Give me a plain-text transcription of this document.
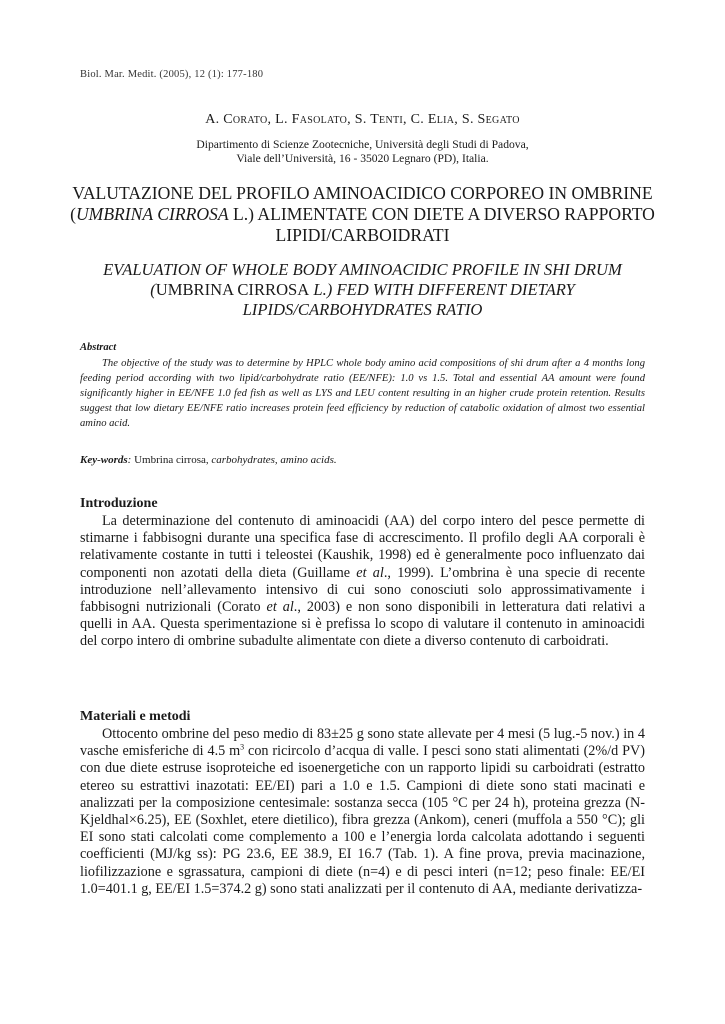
Biol. Mar. Medit. (2005), 12 (1): 177-180
A. Corato, L. Fasolato, S. Tenti, C. Elia, S. Segato
Dipartimento di Scienze Zootecniche, Università degli Studi di Padova,
Viale dell’Università, 16 - 35020 Legnaro (PD), Italia.
VALUTAZIONE DEL PROFILO AMINOACIDICO CORPOREO IN OMBRINE (UMBRINA CIRROSA L.) ALIMENTATE CON DIETE A DIVERSO RAPPORTO LIPIDI/CARBOIDRATI
EVALUATION OF WHOLE BODY AMINOACIDIC PROFILE IN SHI DRUM (UMBRINA CIRROSA L.) FED WITH DIFFERENT DIETARY LIPIDS/CARBOHYDRATES RATIO
Abstract
The objective of the study was to determine by HPLC whole body amino acid compositions of shi drum after a 4 months long feeding period according with two lipid/carbohydrate ratio (EE/NFE): 1.0 vs 1.5. Total and essential AA amount were found significantly higher in EE/NFE 1.0 fed fish as well as LYS and LEU content resulting in an higher crude protein retention. Results suggest that low dietary EE/NFE ratio increases protein feed efficiency by reduction of catabolic oxidation of almost two essential amino acid.
Key-words: Umbrina cirrosa, carbohydrates, amino acids.
Introduzione
La determinazione del contenuto di aminoacidi (AA) del corpo intero del pesce permette di stimarne i fabbisogni durante una specifica fase di accrescimento. Il profilo degli AA corporali è relativamente costante in tutti i teleostei (Kaushik, 1998) ed è generalmente poco influenzato dai componenti non azotati della dieta (Guillame et al., 1999). L’ombrina è una specie di recente introduzione nell’allevamento intensivo di cui sono conosciuti solo approssimativamente i fabbisogni nutrizionali (Corato et al., 2003) e non sono disponibili in letteratura dati relativi a quelli in AA. Questa sperimentazione si è prefissa lo scopo di valutare il contenuto in aminoacidi del corpo intero di ombrine subadulte alimentate con diete a diverso contenuto di carboidrati.
Materiali e metodi
Ottocento ombrine del peso medio di 83±25 g sono state allevate per 4 mesi (5 lug.-5 nov.) in 4 vasche emisferiche di 4.5 $m^3$ con ricircolo d’acqua di valle. I pesci sono stati alimentati (2%/d PV) con due diete estruse isoproteiche ed isoenergetiche con un rapporto lipidi su carboidrati (estratto etereo su estrattivi inazotati: EE/EI) pari a 1.0 e 1.5. Campioni di diete sono stati macinati e analizzati per la composizione centesimale: sostanza secca (105 °C per 24 h), proteina grezza (N-Kjeldhal×6.25), EE (Soxhlet, etere dietilico), fibra grezza (Ankom), ceneri (muffola a 550 °C); gli EI sono stati calcolati come complemento a 100 e l’energia lorda calcolata adottando i seguenti coefficienti (MJ/kg ss): PG 23.6, EE 38.9, EI 16.7 (Tab. 1). A fine prova, previa macinazione, liofilizzazione e sgrassatura, campioni di diete (n=4) e di pesci interi (n=12; peso finale: EE/EI 1.0=401.1 g, EE/EI 1.5=374.2 g) sono stati analizzati per il contenuto di AA, mediante derivatizza-
